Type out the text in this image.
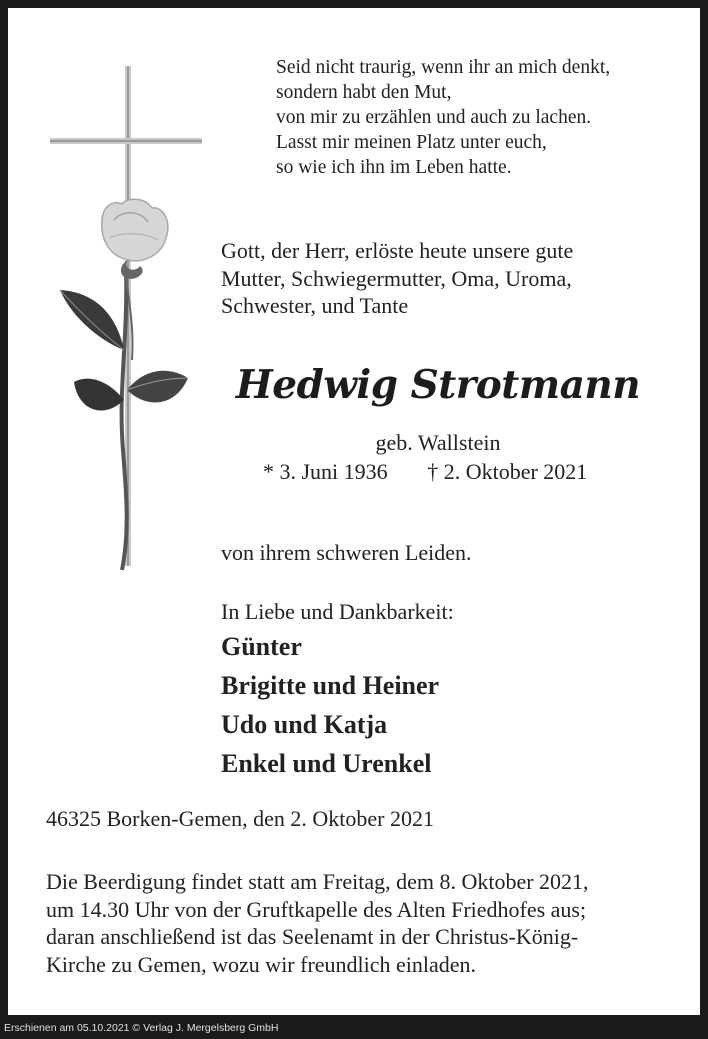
Seid nicht traurig, wenn ihr an mich denkt,
sondern habt den Mut,
von mir zu erzählen und auch zu lachen.
Lasst mir meinen Platz unter euch,
so wie ich ihn im Leben hatte.
Gott, der Herr, erlöste heute unsere gute
Mutter, Schwiegermutter, Oma, Uroma,
Schwester, und Tante
Hedwig Strotmann
geb. Wallstein
* 3. Juni 1936 † 2. Oktober 2021
von ihrem schweren Leiden.
In Liebe und Dankbarkeit:
Günter
Brigitte und Heiner
Udo und Katja
Enkel und Urenkel
46325 Borken-Gemen, den 2. Oktober 2021
Die Beerdigung findet statt am Freitag, dem 8. Oktober 2021,
um 14.30 Uhr von der Gruftkapelle des Alten Friedhofes aus;
daran anschließend ist das Seelenamt in der Christus-König-
Kirche zu Gemen, wozu wir freundlich einladen.
Erschienen am 05.10.2021 © Verlag J. Mergelsberg GmbH
